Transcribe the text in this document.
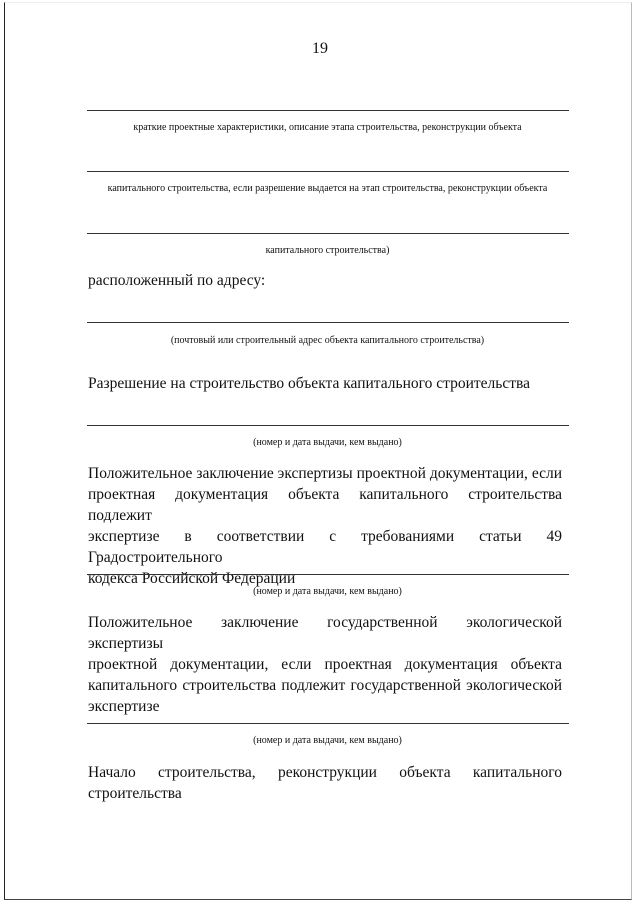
19
краткие проектные характеристики, описание этапа строительства, реконструкции объекта
капитального строительства, если разрешение выдается на этап строительства, реконструкции объекта
капитального строительства)
расположенный по адресу:
(почтовый или строительный адрес объекта капитального строительства)
Разрешение на строительство объекта капитального строительства
(номер и дата выдачи, кем выдано)
Положительное заключение экспертизы проектной документации, если
проектная документация объекта капитального строительства подлежит
экспертизе в соответствии с требованиями статьи 49 Градостроительного
кодекса Российской Федерации
(номер и дата выдачи, кем выдано)
Положительное заключение государственной экологической экспертизы
проектной документации, если проектная документация объекта
капитального строительства подлежит государственной экологической
экспертизе
(номер и дата выдачи, кем выдано)
Начало строительства, реконструкции объекта капитального
строительства
